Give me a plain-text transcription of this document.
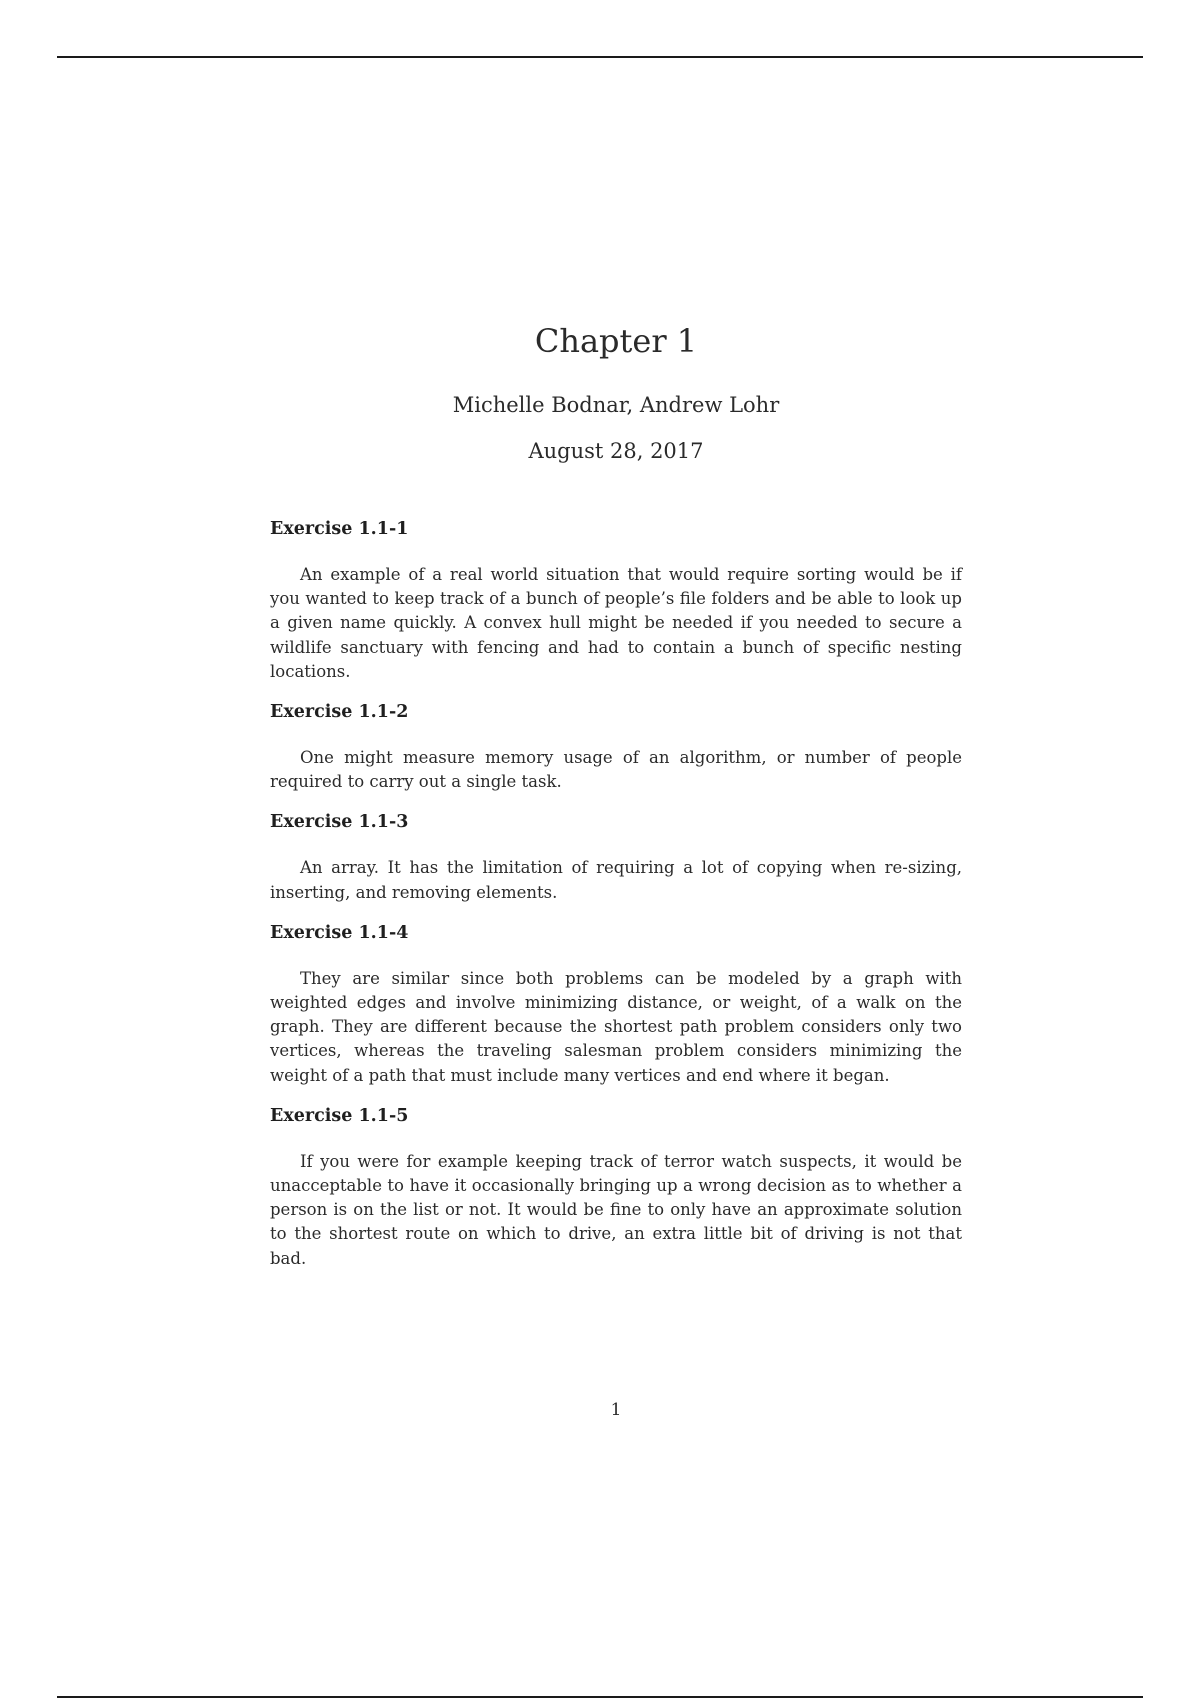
Chapter 1
Michelle Bodnar, Andrew Lohr
August 28, 2017
Exercise 1.1-1

An example of a real world situation that would require sorting would be if you wanted to keep track of a bunch of people’s file folders and be able to look up a given name quickly. A convex hull might be needed if you needed to secure a wildlife sanctuary with fencing and had to contain a bunch of specific nesting locations.

Exercise 1.1-2

One might measure memory usage of an algorithm, or number of people required to carry out a single task.

Exercise 1.1-3

An array. It has the limitation of requiring a lot of copying when re-sizing, inserting, and removing elements.

Exercise 1.1-4

They are similar since both problems can be modeled by a graph with weighted edges and involve minimizing distance, or weight, of a walk on the graph. They are different because the shortest path problem considers only two vertices, whereas the traveling salesman problem considers minimizing the weight of a path that must include many vertices and end where it began.

Exercise 1.1-5

If you were for example keeping track of terror watch suspects, it would be unacceptable to have it occasionally bringing up a wrong decision as to whether a person is on the list or not. It would be fine to only have an approximate solution to the shortest route on which to drive, an extra little bit of driving is not that bad.

1
